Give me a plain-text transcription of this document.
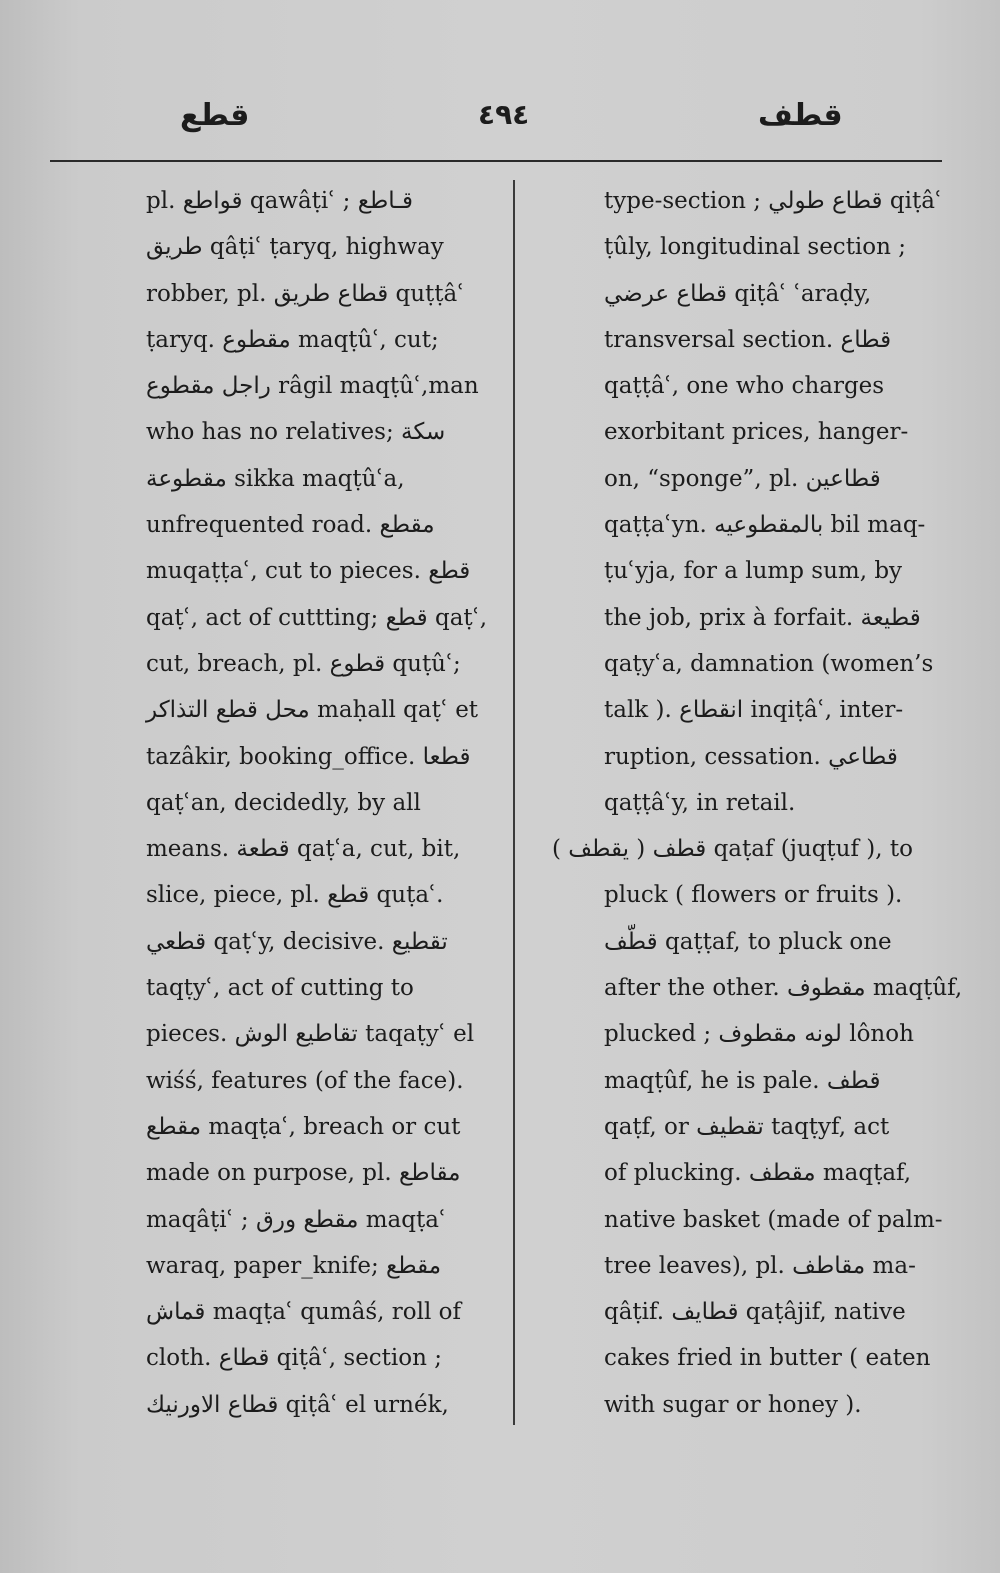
قطع	٤٩٤	قطف
pl. قواطع qawâṭiʿ ; قـاطع
طريق qâṭiʿ ṭaryq, highway
robber, pl. قطاع طريق quṭṭâʿ
ṭaryq. مقطوع maqṭûʿ, cut;
راجل مقطوع râgil maqṭûʿ,man
who has no relatives; سكة
مقطوعة sikka maqṭûʿa,
unfrequented road. مقطع
muqaṭṭaʿ, cut to pieces. قطع
qaṭʿ, act of cuttting; قطع qaṭʿ,
cut, breach, pl. قطوع quṭûʿ;
محل قطع التذاكر maḥall qaṭʿ et
tazâkir, booking_office. قطعا
qaṭʿan, decidedly, by all
means. قطعة qaṭʿa, cut, bit,
slice, piece, pl. قطع quṭaʿ.
قطعي qaṭʿy, decisive. تقطيع
taqṭyʿ, act of cutting to
pieces. تقاطيع الوش taqaṭyʿ el
wiśś, features (of the face).
مقطع maqṭaʿ, breach or cut
made on purpose, pl. مقاطع
maqâṭiʿ ; مقطع ورق maqṭaʿ
waraq, paper_knife; مقطع
قماش maqṭaʿ qumâś, roll of
cloth. قطاع qiṭâʿ, section ;
قطاع الاورنيك qiṭâʿ el urnék,
type-section ; قطاع طولي qiṭâʿ
ṭûly, longitudinal section ;
قطاع عرضي qiṭâʿ ʿaraḍy,
transversal section. قطاع
qaṭṭâʿ, one who charges
exorbitant prices, hanger-
on, “sponge”, pl. قطاعين
qaṭṭaʿyn. بالمقطوعيه bil maq-
ṭuʿyja, for a lump sum, by
the job, prix à forfait. قطيعة
qaṭyʿa, damnation (women’s
talk ). انقطاع inqiṭâʿ, inter-
ruption, cessation. قطاعي
qaṭṭâʿy, in retail.
قطف ( يقطف ) qaṭaf (juqṭuf ), to
pluck ( flowers or fruits ).
قطّف qaṭṭaf, to pluck one
after the other. مقطوف maqṭûf,
plucked ; لونه مقطوف lônoh
maqṭûf, he is pale. قطف
qaṭf, or تقطيف taqṭyf, act
of plucking. مقطف maqṭaf,
native basket (made of palm-
tree leaves), pl. مقاطف ma-
qâṭif. قطايف qaṭâjif, native
cakes fried in butter ( eaten
with sugar or honey ).
